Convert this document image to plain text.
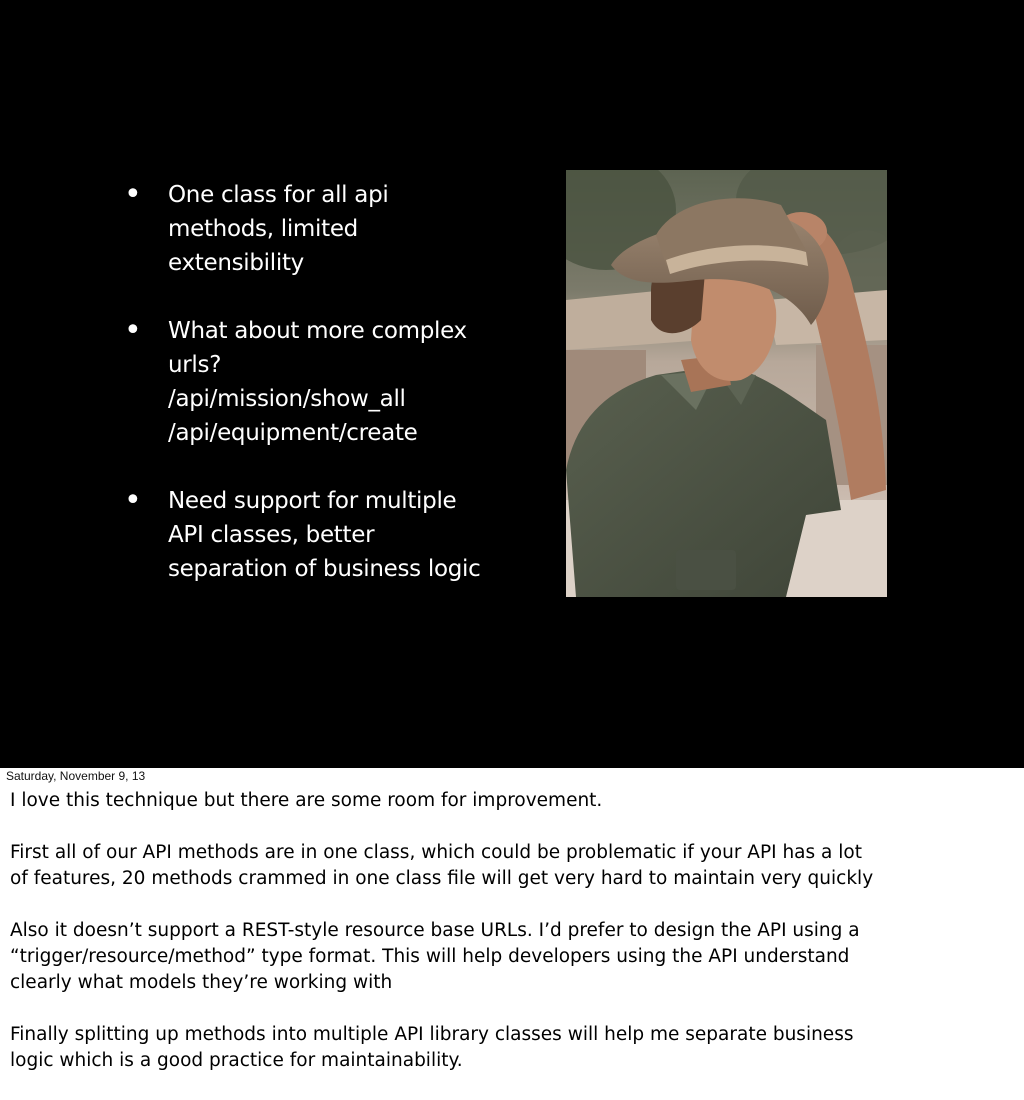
• One class for all api
methods, limited
extensibility
• What about more complex
urls?
/api/mission/show_all
/api/equipment/create
• Need support for multiple
API classes, better
separation of business logic
Saturday, November 9, 13

I love this technique but there are some room for improvement.

First all of our API methods are in one class, which could be problematic if your API has a lot
of features, 20 methods crammed in one class file will get very hard to maintain very quickly

Also it doesn’t support a REST-style resource base URLs. I’d prefer to design the API using a
“trigger/resource/method” type format. This will help developers using the API understand
clearly what models they’re working with

Finally splitting up methods into multiple API library classes will help me separate business
logic which is a good practice for maintainability.
